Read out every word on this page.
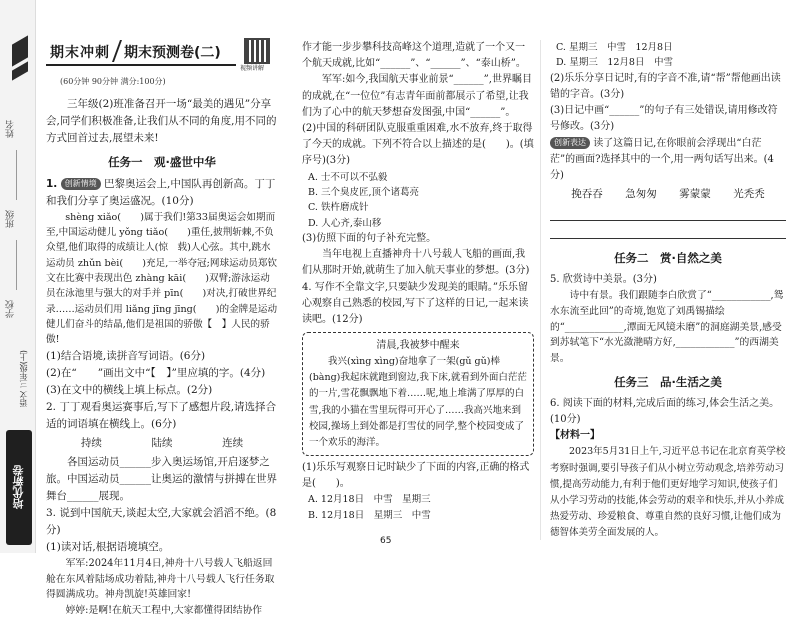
姓名
班级
学校
语文 三年级(上)
培优新卷
期末冲刺 期末预测卷(二)
视频讲解
(60分钟 90分钟 满分:100分)

三年级(2)班准备召开一场“最美的遇见”分享会,同学们积极准备,让我们从不同的角度,用不同的方式回首过去,展望未来!

任务一　观·盛世中华

1. 创新情境 巴黎奥运会上,中国队再创新高。丁丁和我们分享了奥运盛况。(10分)

shèng xiǎo(　　)属于我们!第33届奥运会如期而至,中国运动健儿 yǒng tiǎo(　　)重任,披荆斩棘,不负众望,他们取得的成绩让人(惊　载)人心弦。其中,跳水运动员 zhǔn bèi(　　)充足,一举夺冠;网球运动员郑钦文在比赛中表现出色 zhàng kāi(　　)双臂;游泳运动员在泳池里与强大的对手并 pīn(　　)对决,打破世界纪录……运动员们用 liǎng jīng jīng(　　)的金牌是运动健儿们奋斗的结晶,他们是祖国的骄傲【　】人民的骄傲!

(1)结合语境,读拼音写词语。(6分)

(2)在“　　”画出文中“【　】”里应填的字。(4分)

(3)在文中的横线上填上标点。(2分)

2. 丁丁观看奥运赛事后,写下了感想片段,请选择合适的词语填在横线上。(6分)

持续	陆续	连续

各国运动员______步入奥运场馆,开启逐梦之旅。中国运动员______让奥运的激情与拼搏在世界舞台______展现。

3. 说到中国航天,谈起太空,大家就会滔滔不绝。(8分)

(1)读对话,根据语境填空。

军军:2024年11月4日,神舟十八号载人飞船返回舱在东风着陆场成功着陆,神舟十八号载人飞行任务取得圆满成功。神舟凯旋!英雄回家!

婷婷:是啊!在航天工程中,大家都懂得团结协作

作才能一步步攀科技高峰这个道理,造就了一个又一个航天成就,比如“______”、“______”、“泰山桥”。

军军:如今,我国航天事业前景“______”,世界瞩目的成就,在“一位位”有志青年面前都展示了希望,让我们为了心中的航天梦想奋发图强,中国“______”。

(2)中国的科研团队克服重重困难,水不放弃,终于取得了今天的成就。下列不符合以上描述的是(　　)。(填序号)(3分)

A. 士不可以不弘毅

B. 三个臭皮匠,顶个诸葛亮

C. 铁杵磨成针

D. 人心齐,泰山移

(3)仿照下面的句子补充完整。

当年电视上直播神舟十八号载人飞船的画面,我们从那时开始,就萌生了加入航天事业的梦想。(3分)

4. 写作不全靠文字,只要缺少发现美的眼睛。”乐乐留心观察自己熟悉的校园,写下了这样的日记,一起来读读吧。(12分)

清晨,我被梦中醒来
我兴(xìng xìng)奋地拿了一架(gǔ gǔ)棒(bàng)我起床就跑到窗边,我下床,就看到外面白茫茫的一片,雪花飘飘地下着……呢,地上堆满了厚厚的白雪,我的小猫在雪里玩得可开心了……我高兴地来到校园,操场上到处都是打雪仗的同学,整个校园变成了一个欢乐的海洋。

(1)乐乐写观察日记时缺少了下面的内容,正确的格式是(　　)。

A. 12月18日　中雪　星期三

B. 12月18日　星期三　中雪

C. 星期三　中雪　12月8日

D. 星期三　12月8日　中雪

(2)乐乐分享日记时,有的字音不准,请“帮”帮他画出读错的字音。(3分)

(3)日记中画“______”的句子有三处错误,请用修改符号修改。(3分)

创新表达 读了这篇日记,在你眼前会浮现出“白茫茫”的画面?选择其中的一个,用一两句话写出来。(4分)

挽吞吞 急匆匆 雾蒙蒙 光秃秃
任务二　赏·自然之美

5. 欣赏诗中美景。(3分)

诗中有景。我们跟随李白欣赏了“____________,鸳水东流至此回”的奇境,饱览了刘禹锡描绘的“____________,潭面无风镜未磨”的洞庭湖美景,感受到苏轼笔下“水光潋滟晴方好,____________”的西湖美景。

任务三　品·生活之美

6. 阅读下面的材料,完成后面的练习,体会生活之美。(10分)

【材料一】

2023年5月31日上午,习近平总书记在北京育英学校考察时强调,要引导孩子们从小树立劳动观念,培养劳动习惯,提高劳动能力,有利于他们更好地学习知识,使孩子们从小学习劳动的技能,体会劳动的艰辛和快乐,并从小养成热爱劳动、珍爱粮食、尊重自然的良好习惯,让他们成为德智体美劳全面发展的人。

65
